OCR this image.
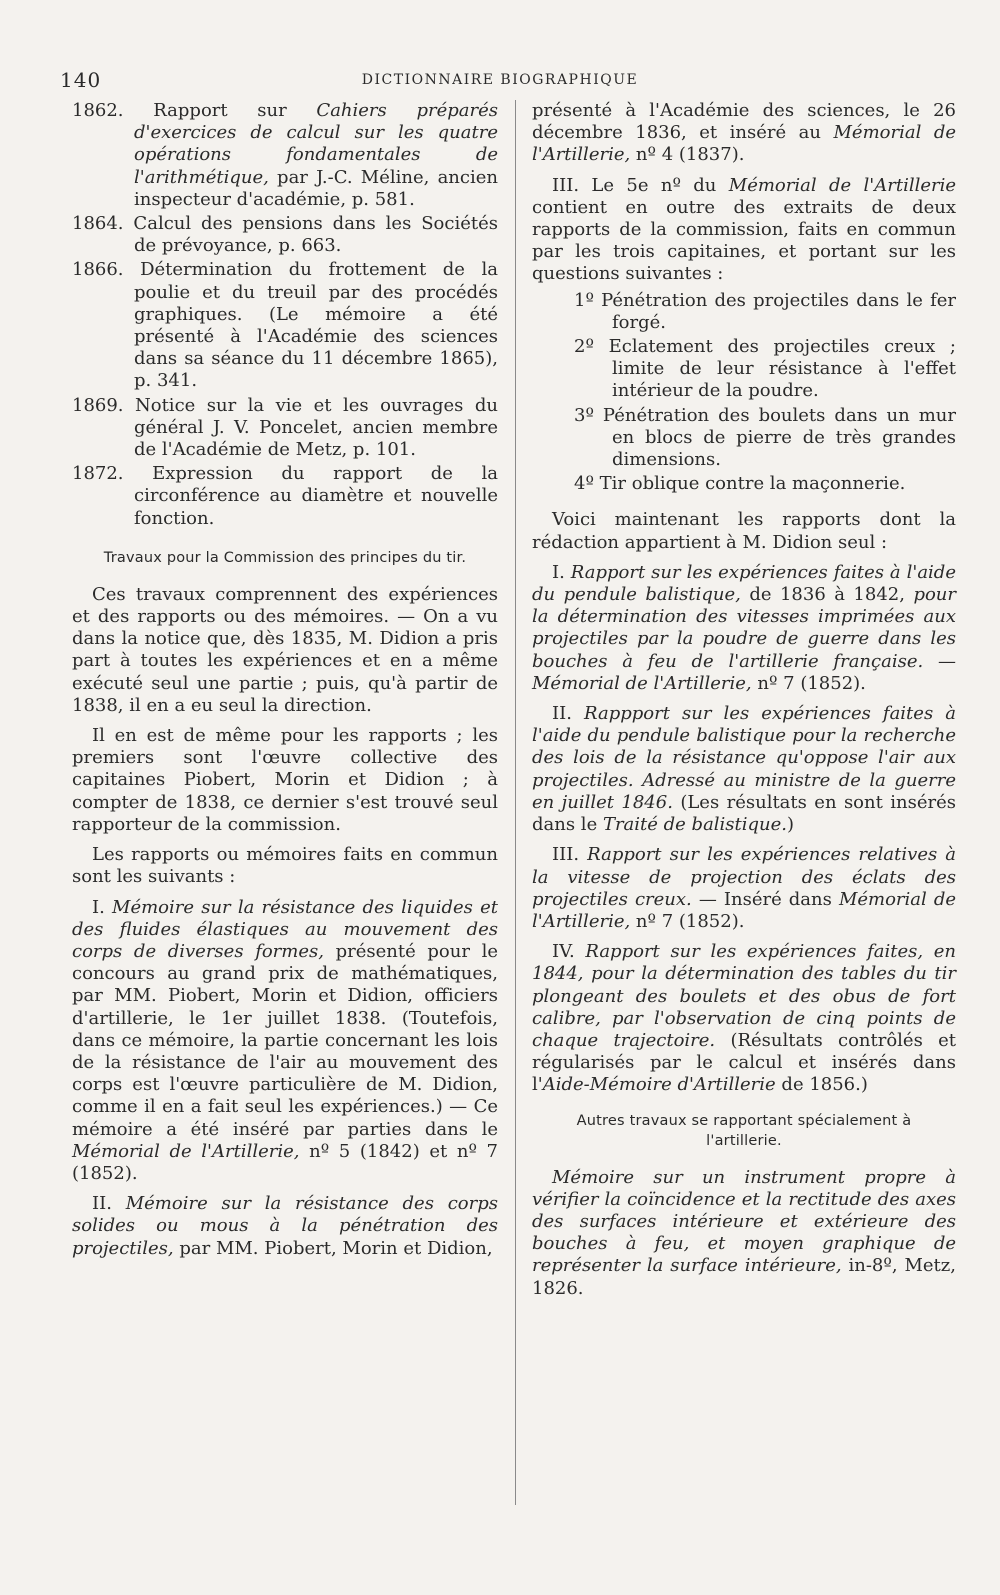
140	DICTIONNAIRE BIOGRAPHIQUE

1862. Rapport sur Cahiers préparés d'exercices de calcul sur les quatre opérations fondamentales de l'arithmétique, par J.-C. Méline, ancien inspecteur d'académie, p. 581.

1864. Calcul des pensions dans les Sociétés de prévoyance, p. 663.

1866. Détermination du frottement de la poulie et du treuil par des procédés graphiques. (Le mémoire a été présenté à l'Académie des sciences dans sa séance du 11 décembre 1865), p. 341.

1869. Notice sur la vie et les ouvrages du général J. V. Poncelet, ancien membre de l'Académie de Metz, p. 101.

1872. Expression du rapport de la circonférence au diamètre et nouvelle fonction.

Travaux pour la Commission des principes du tir.

Ces travaux comprennent des expériences et des rapports ou des mémoires. — On a vu dans la notice que, dès 1835, M. Didion a pris part à toutes les expériences et en a même exécuté seul une partie ; puis, qu'à partir de 1838, il en a eu seul la direction.

Il en est de même pour les rapports ; les premiers sont l'œuvre collective des capitaines Piobert, Morin et Didion ; à compter de 1838, ce dernier s'est trouvé seul rapporteur de la commission.

Les rapports ou mémoires faits en commun sont les suivants :

I. Mémoire sur la résistance des liquides et des fluides élastiques au mouvement des corps de diverses formes, présenté pour le concours au grand prix de mathématiques, par MM. Piobert, Morin et Didion, officiers d'artillerie, le 1er juillet 1838. (Toutefois, dans ce mémoire, la partie concernant les lois de la résistance de l'air au mouvement des corps est l'œuvre particulière de M. Didion, comme il en a fait seul les expériences.) — Ce mémoire a été inséré par parties dans le Mémorial de l'Artillerie, nº 5 (1842) et nº 7 (1852).

II. Mémoire sur la résistance des corps solides ou mous à la pénétration des projectiles, par MM. Piobert, Morin et Didion,

présenté à l'Académie des sciences, le 26 décembre 1836, et inséré au Mémorial de l'Artillerie, nº 4 (1837).

III. Le 5e nº du Mémorial de l'Artillerie contient en outre des extraits de deux rapports de la commission, faits en commun par les trois capitaines, et portant sur les questions suivantes :

1º Pénétration des projectiles dans le fer forgé.

2º Eclatement des projectiles creux ; limite de leur résistance à l'effet intérieur de la poudre.

3º Pénétration des boulets dans un mur en blocs de pierre de très grandes dimensions.

4º Tir oblique contre la maçonnerie.

Voici maintenant les rapports dont la rédaction appartient à M. Didion seul :

I. Rapport sur les expériences faites à l'aide du pendule balistique, de 1836 à 1842, pour la détermination des vitesses imprimées aux projectiles par la poudre de guerre dans les bouches à feu de l'artillerie française. — Mémorial de l'Artillerie, nº 7 (1852).

II. Rappport sur les expériences faites à l'aide du pendule balistique pour la recherche des lois de la résistance qu'oppose l'air aux projectiles. Adressé au ministre de la guerre en juillet 1846. (Les résultats en sont insérés dans le Traité de balistique.)

III. Rapport sur les expériences relatives à la vitesse de projection des éclats des projectiles creux. — Inséré dans Mémorial de l'Artillerie, nº 7 (1852).

IV. Rapport sur les expériences faites, en 1844, pour la détermination des tables du tir plongeant des boulets et des obus de fort calibre, par l'observation de cinq points de chaque trajectoire. (Résultats contrôlés et régularisés par le calcul et insérés dans l'Aide-Mémoire d'Artillerie de 1856.)

Autres travaux se rapportant spécialement à l'artillerie.

Mémoire sur un instrument propre à vérifier la coïncidence et la rectitude des axes des surfaces intérieure et extérieure des bouches à feu, et moyen graphique de représenter la surface intérieure, in-8º, Metz, 1826.
